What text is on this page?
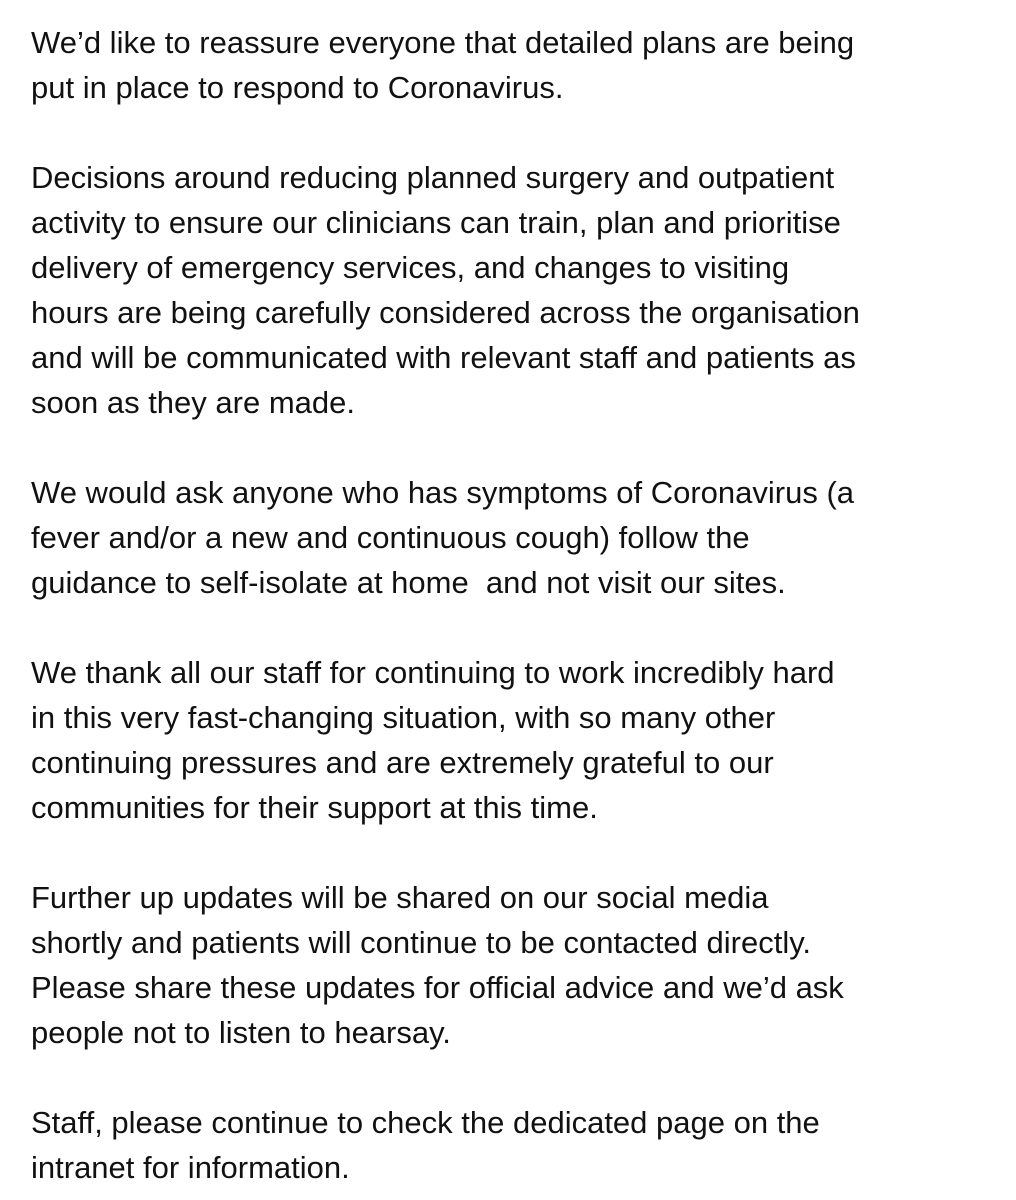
We’d like to reassure everyone that detailed plans are being
put in place to respond to Coronavirus.
Decisions around reducing planned surgery and outpatient
activity to ensure our clinicians can train, plan and prioritise
delivery of emergency services, and changes to visiting
hours are being carefully considered across the organisation
and will be communicated with relevant staff and patients as
soon as they are made.
We would ask anyone who has symptoms of Coronavirus (a
fever and/or a new and continuous cough) follow the
guidance to self-isolate at home  and not visit our sites.
We thank all our staff for continuing to work incredibly hard
in this very fast-changing situation, with so many other
continuing pressures and are extremely grateful to our
communities for their support at this time.
Further up updates will be shared on our social media
shortly and patients will continue to be contacted directly.
Please share these updates for official advice and we’d ask
people not to listen to hearsay.
Staff, please continue to check the dedicated page on the
intranet for information.
